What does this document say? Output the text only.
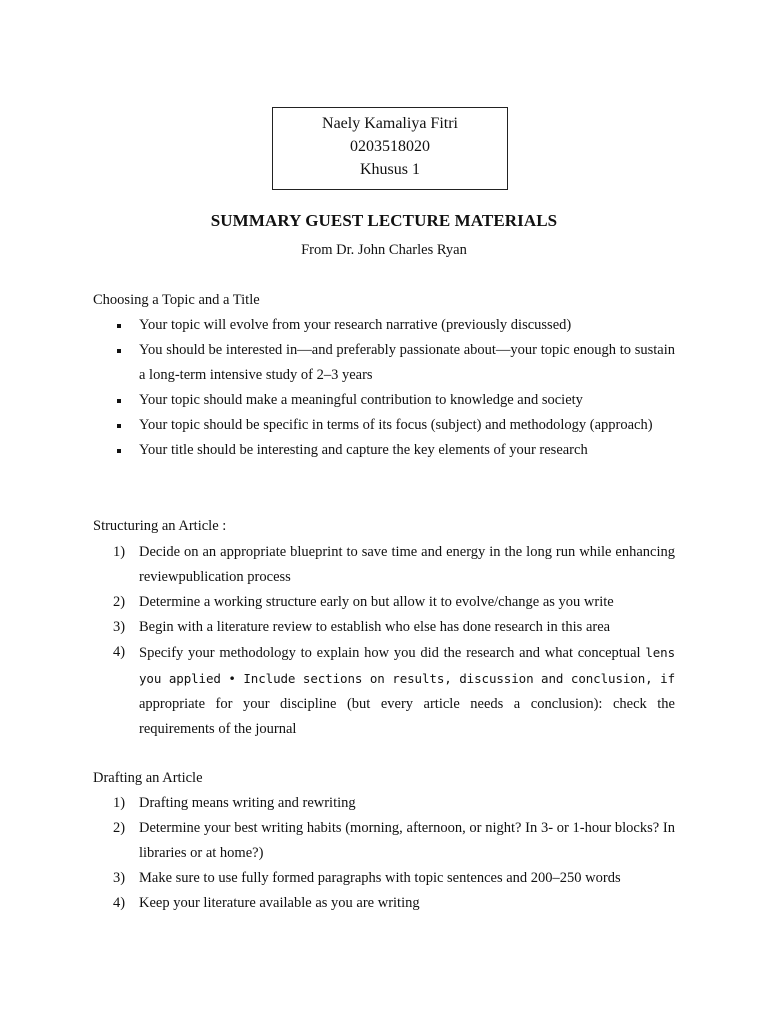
Naely Kamaliya Fitri
0203518020
Khusus 1
SUMMARY GUEST LECTURE MATERIALS
From Dr. John Charles Ryan
Choosing a Topic and a Title
Your topic will evolve from your research narrative (previously discussed)
You should be interested in—and preferably passionate about—your topic enough to sustain a long-term intensive study of 2–3 years
Your topic should make a meaningful contribution to knowledge and society
Your topic should be specific in terms of its focus (subject) and methodology (approach)
Your title should be interesting and capture the key elements of your research
Structuring an Article :
1) Decide on an appropriate blueprint to save time and energy in the long run while enhancing reviewpublication process
2) Determine a working structure early on but allow it to evolve/change as you write
3) Begin with a literature review to establish who else has done research in this area
4) Specify your methodology to explain how you did the research and what conceptual lens you applied • Include sections on results, discussion and conclusion, if appropriate for your discipline (but every article needs a conclusion): check the requirements of the journal
Drafting an Article
1) Drafting means writing and rewriting
2) Determine your best writing habits (morning, afternoon, or night? In 3- or 1-hour blocks? In libraries or at home?)
3) Make sure to use fully formed paragraphs with topic sentences and 200–250 words
4) Keep your literature available as you are writing
